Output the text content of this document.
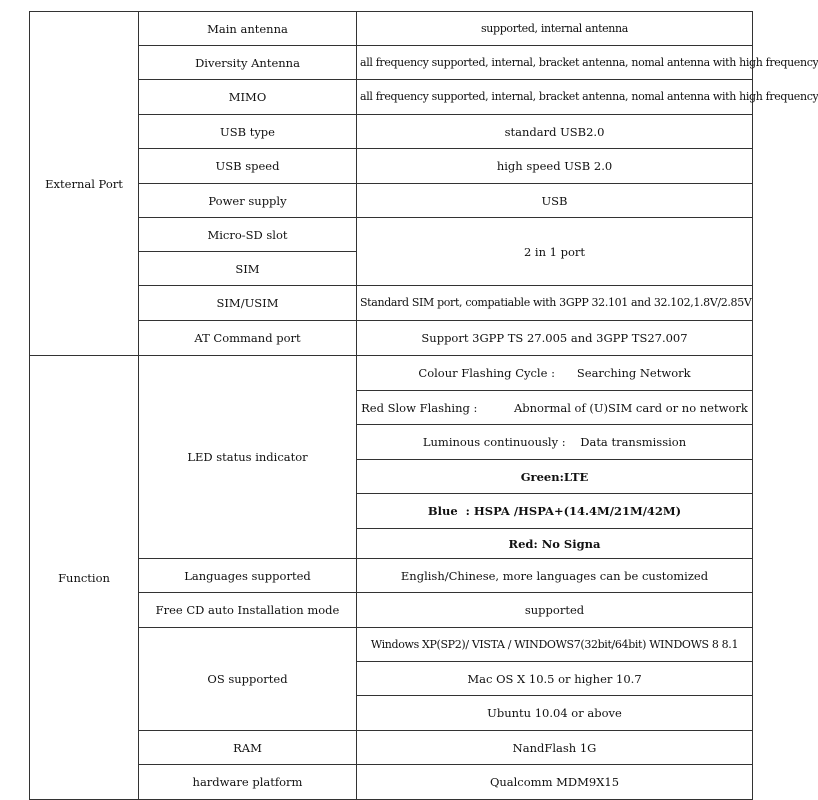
External Port	Main antenna	supported, internal antenna
	Diversity Antenna	all frequency supported, internal, bracket antenna, nomal antenna with high frequency
	MIMO	all frequency supported, internal, bracket antenna, nomal antenna with high frequency
	USB type	standard USB2.0
	USB speed	high speed USB 2.0
	Power supply	USB
	Micro-SD slot	2 in 1 port
	SIM	
	SIM/USIM	Standard SIM port, compatiable with 3GPP 32.101 and 32.102,1.8V/2.85V
	AT Command port	Support 3GPP TS 27.005 and 3GPP TS27.007
Function	LED status indicator	Colour Flashing Cycle :      Searching Network
		Red Slow Flashing :          Abnormal of (U)SIM card or no network
		Luminous continuously :    Data transmission
		Green:LTE
		Blue  : HSPA /HSPA+(14.4M/21M/42M)
		Red: No Signa
	Languages supported	English/Chinese, more languages can be customized
	Free CD auto Installation mode	supported
	OS supported	Windows XP(SP2)/ VISTA / WINDOWS7(32bit/64bit) WINDOWS 8 8.1
		Mac OS X 10.5 or higher 10.7
		Ubuntu 10.04 or above
	RAM	NandFlash 1G
	hardware platform	Qualcomm MDM9X15
